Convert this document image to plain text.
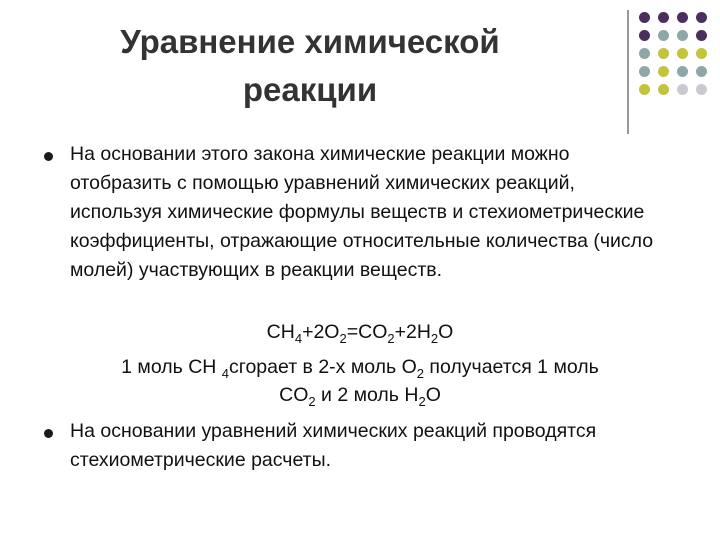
Уравнение химической
реакции
На основании этого закона химические реакции можно отобразить с помощью уравнений химических реакций, используя химические формулы веществ и стехиометрические коэффициенты, отражающие относительные количества (число молей) участвующих в реакции веществ.
$CH_4+2O_2=CO_2+2H_2O$
1 моль CH $_4$сгорает в 2-х моль $O_2$ получается 1 моль
$CO_2$ и 2 моль $H_2O$
На основании уравнений химических реакций проводятся стехиометрические расчеты.
